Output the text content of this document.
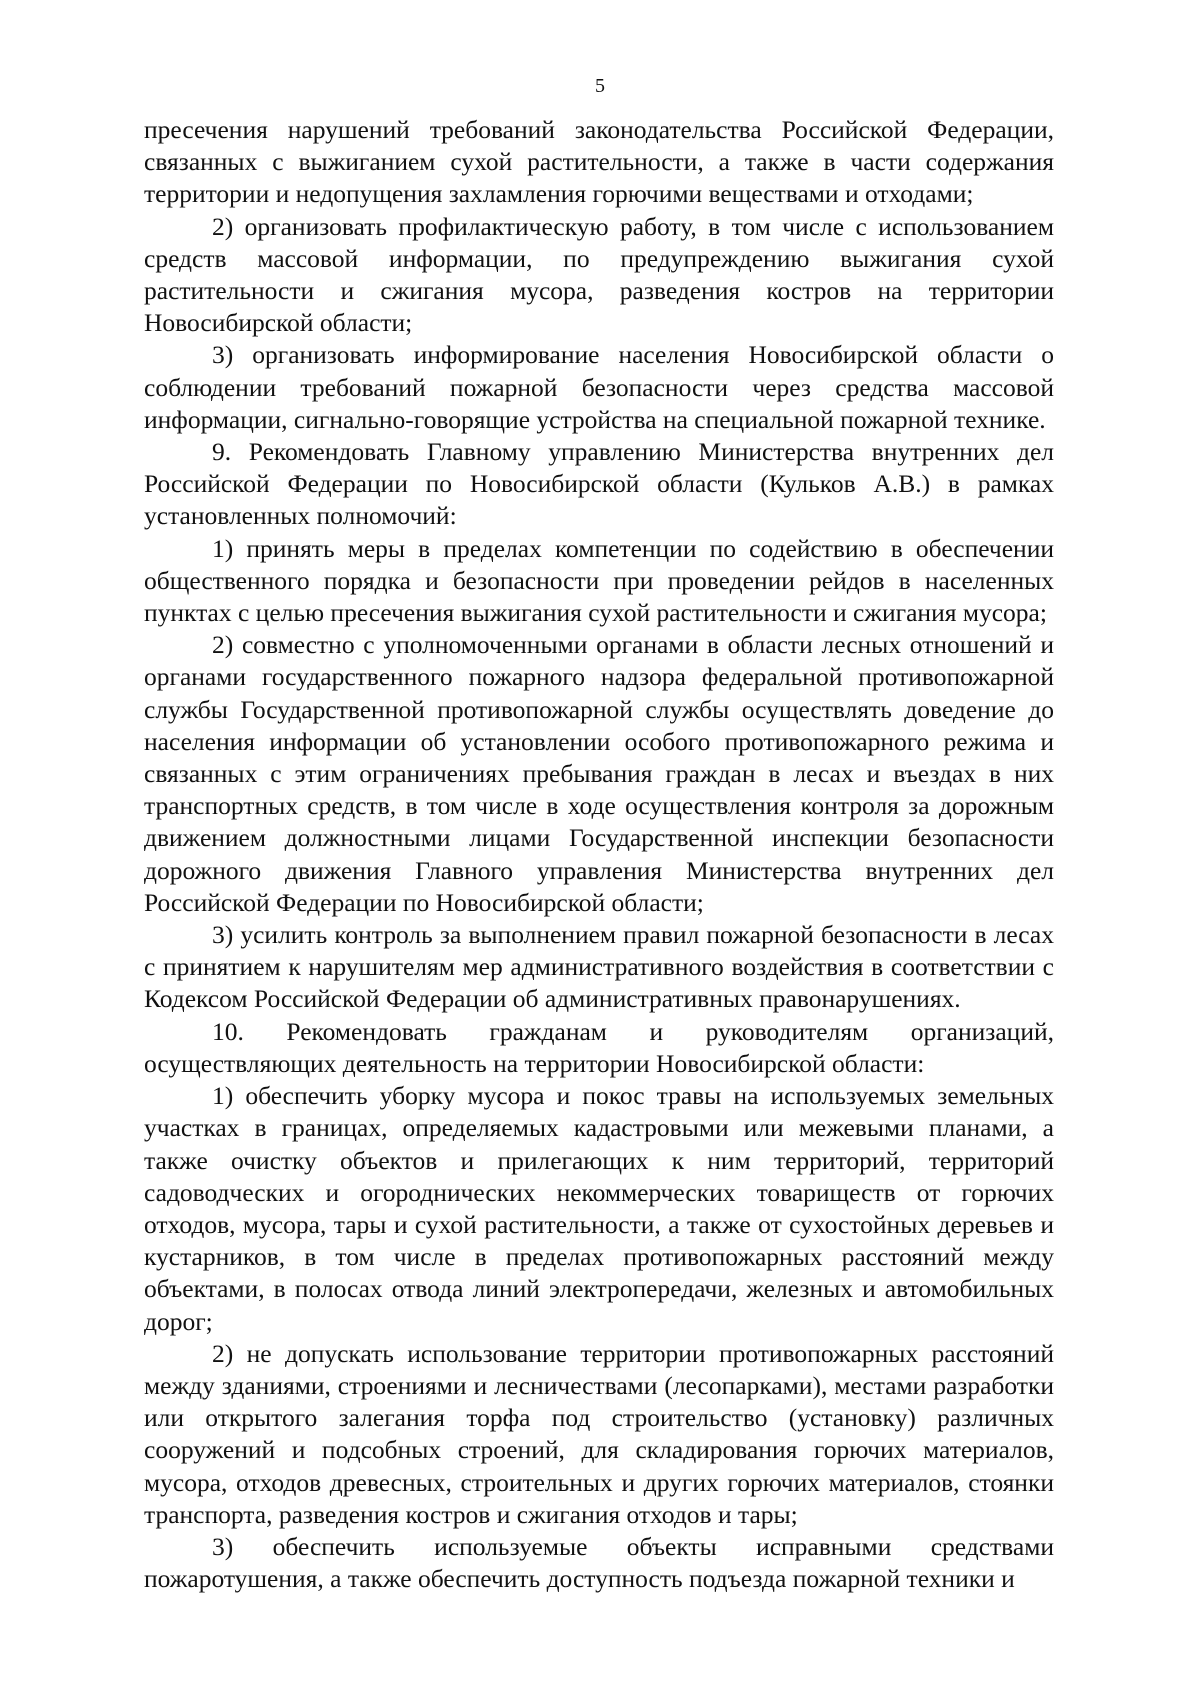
5

пресечения нарушений требований законодательства Российской Федерации, связанных с выжиганием сухой растительности, а также в части содержания территории и недопущения захламления горючими веществами и отходами;

2) организовать профилактическую работу, в том числе с использованием средств массовой информации, по предупреждению выжигания сухой растительности и сжигания мусора, разведения костров на территории Новосибирской области;

3) организовать информирование населения Новосибирской области о соблюдении требований пожарной безопасности через средства массовой информации, сигнально-говорящие устройства на специальной пожарной технике.

9. Рекомендовать Главному управлению Министерства внутренних дел Российской Федерации по Новосибирской области (Кульков А.В.) в рамках установленных полномочий:

1) принять меры в пределах компетенции по содействию в обеспечении общественного порядка и безопасности при проведении рейдов в населенных пунктах с целью пресечения выжигания сухой растительности и сжигания мусора;

2) совместно с уполномоченными органами в области лесных отношений и органами государственного пожарного надзора федеральной противопожарной службы Государственной противопожарной службы осуществлять доведение до населения информации об установлении особого противопожарного режима и связанных с этим ограничениях пребывания граждан в лесах и въездах в них транспортных средств, в том числе в ходе осуществления контроля за дорожным движением должностными лицами Государственной инспекции безопасности дорожного движения Главного управления Министерства внутренних дел Российской Федерации по Новосибирской области;

3) усилить контроль за выполнением правил пожарной безопасности в лесах с принятием к нарушителям мер административного воздействия в соответствии с Кодексом Российской Федерации об административных правонарушениях.

10. Рекомендовать гражданам и руководителям организаций, осуществляющих деятельность на территории Новосибирской области:

1) обеспечить уборку мусора и покос травы на используемых земельных участках в границах, определяемых кадастровыми или межевыми планами, а также очистку объектов и прилегающих к ним территорий, территорий садоводческих и огороднических некоммерческих товариществ от горючих отходов, мусора, тары и сухой растительности, а также от сухостойных деревьев и кустарников, в том числе в пределах противопожарных расстояний между объектами, в полосах отвода линий электропередачи, железных и автомобильных дорог;

2) не допускать использование территории противопожарных расстояний между зданиями, строениями и лесничествами (лесопарками), местами разработки или открытого залегания торфа под строительство (установку) различных сооружений и подсобных строений, для складирования горючих материалов, мусора, отходов древесных, строительных и других горючих материалов, стоянки транспорта, разведения костров и сжигания отходов и тары;

3) обеспечить используемые объекты исправными средствами пожаротушения, а также обеспечить доступность подъезда пожарной техники и
